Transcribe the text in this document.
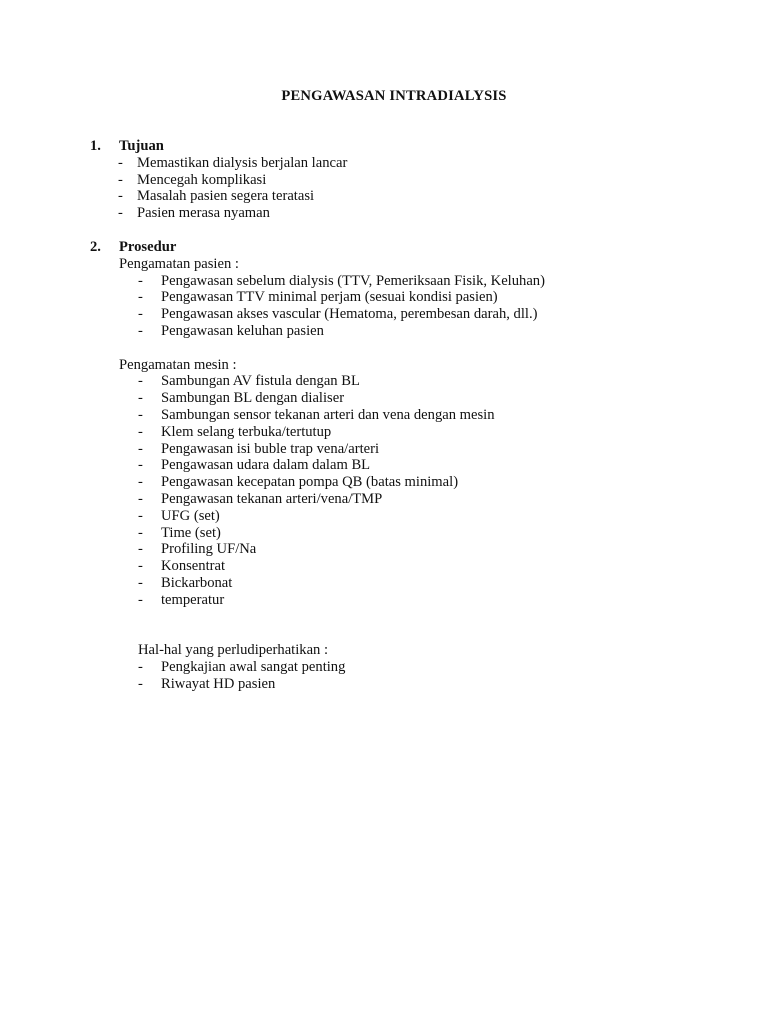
PENGAWASAN INTRADIALYSIS
1. Tujuan
- Memastikan dialysis berjalan lancar
- Mencegah komplikasi
- Masalah pasien segera teratasi
- Pasien merasa nyaman
2. Prosedur
Pengamatan pasien :
- Pengawasan sebelum dialysis (TTV, Pemeriksaan Fisik, Keluhan)
- Pengawasan TTV minimal perjam (sesuai kondisi pasien)
- Pengawasan akses vascular (Hematoma, perembesan darah, dll.)
- Pengawasan keluhan pasien
Pengamatan mesin :
- Sambungan AV fistula dengan BL
- Sambungan BL dengan dialiser
- Sambungan sensor tekanan arteri dan vena dengan mesin
- Klem selang terbuka/tertutup
- Pengawasan isi buble trap vena/arteri
- Pengawasan udara dalam dalam BL
- Pengawasan kecepatan pompa QB (batas minimal)
- Pengawasan tekanan arteri/vena/TMP
- UFG (set)
- Time (set)
- Profiling UF/Na
- Konsentrat
- Bickarbonat
- temperatur
Hal-hal yang perludiperhatikan :
- Pengkajian awal sangat penting
- Riwayat HD pasien
